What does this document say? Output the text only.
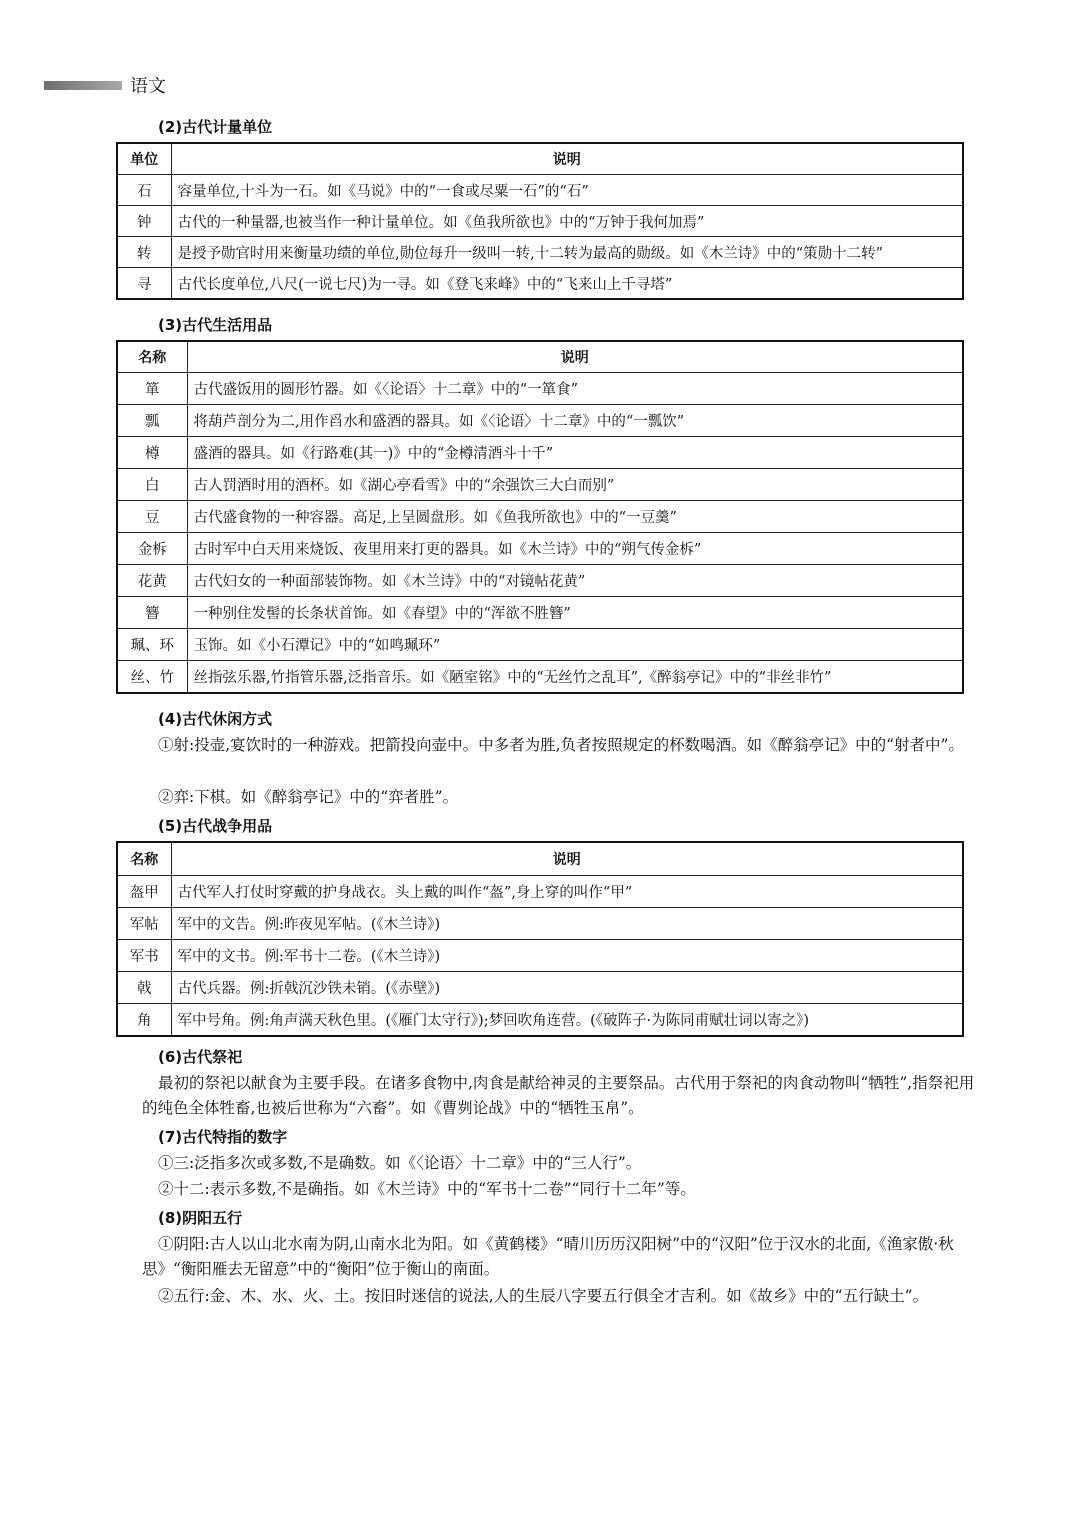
语文
(2)古代计量单位
单位	说明
石	容量单位,十斗为一石。如《马说》中的“一食或尽粟一石”的“石”
钟	古代的一种量器,也被当作一种计量单位。如《鱼我所欲也》中的“万钟于我何加焉”
转	是授予勋官时用来衡量功绩的单位,勋位每升一级叫一转,十二转为最高的勋级。如《木兰诗》中的“策勋十二转”
寻	古代长度单位,八尺(一说七尺)为一寻。如《登飞来峰》中的“飞来山上千寻塔”
(3)古代生活用品
名称	说明
箪	古代盛饭用的圆形竹器。如《〈论语〉十二章》中的“一箪食”
瓢	将葫芦剖分为二,用作舀水和盛酒的器具。如《〈论语〉十二章》中的“一瓢饮”
樽	盛酒的器具。如《行路难(其一)》中的“金樽清酒斗十千”
白	古人罚酒时用的酒杯。如《湖心亭看雪》中的“余强饮三大白而别”
豆	古代盛食物的一种容器。高足,上呈圆盘形。如《鱼我所欲也》中的“一豆羹”
金柝	古时军中白天用来烧饭、夜里用来打更的器具。如《木兰诗》中的“朔气传金柝”
花黄	古代妇女的一种面部装饰物。如《木兰诗》中的“对镜帖花黄”
簪	一种别住发髻的长条状首饰。如《春望》中的“浑欲不胜簪”
珮、环	玉饰。如《小石潭记》中的“如鸣珮环”
丝、竹	丝指弦乐器,竹指管乐器,泛指音乐。如《陋室铭》中的“无丝竹之乱耳”,《醉翁亭记》中的“非丝非竹”
(4)古代休闲方式
①射:投壶,宴饮时的一种游戏。把箭投向壶中。中多者为胜,负者按照规定的杯数喝酒。如《醉翁亭记》中的“射者中”。
②弈:下棋。如《醉翁亭记》中的“弈者胜”。
(5)古代战争用品
名称	说明
盔甲	古代军人打仗时穿戴的护身战衣。头上戴的叫作“盔”,身上穿的叫作“甲”
军帖	军中的文告。例:昨夜见军帖。(《木兰诗》)
军书	军中的文书。例:军书十二卷。(《木兰诗》)
戟	古代兵器。例:折戟沉沙铁未销。(《赤壁》)
角	军中号角。例:角声满天秋色里。(《雁门太守行》);梦回吹角连营。(《破阵子·为陈同甫赋壮词以寄之》)
(6)古代祭祀
最初的祭祀以献食为主要手段。在诸多食物中,肉食是献给神灵的主要祭品。古代用于祭祀的肉食动物叫“牺牲”,指祭祀用的纯色全体牲畜,也被后世称为“六畜”。如《曹刿论战》中的“牺牲玉帛”。
(7)古代特指的数字
①三:泛指多次或多数,不是确数。如《〈论语〉十二章》中的“三人行”。
②十二:表示多数,不是确指。如《木兰诗》中的“军书十二卷”“同行十二年”等。
(8)阴阳五行
①阴阳:古人以山北水南为阴,山南水北为阳。如《黄鹤楼》“晴川历历汉阳树”中的“汉阳”位于汉水的北面,《渔家傲·秋思》“衡阳雁去无留意”中的“衡阳”位于衡山的南面。
②五行:金、木、水、火、土。按旧时迷信的说法,人的生辰八字要五行俱全才吉利。如《故乡》中的“五行缺土”。
